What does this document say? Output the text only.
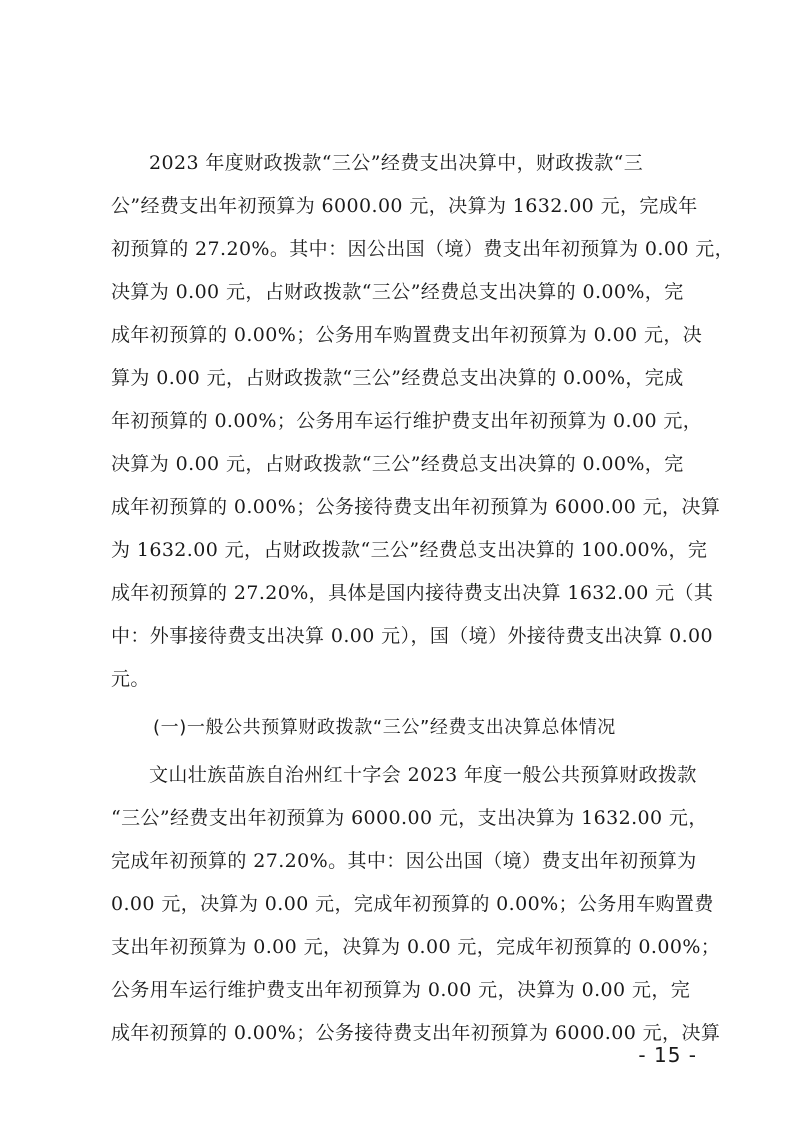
2023 年度财政拨款“三公”经费支出决算中，财政拨款“三
公”经费支出年初预算为 6000.00 元，决算为 1632.00 元，完成年
初预算的 27.20%。其中：因公出国（境）费支出年初预算为 0.00 元，
决算为 0.00 元，占财政拨款“三公”经费总支出决算的 0.00%，完
成年初预算的 0.00%；公务用车购置费支出年初预算为 0.00 元，决
算为 0.00 元，占财政拨款“三公”经费总支出决算的 0.00%，完成
年初预算的 0.00%；公务用车运行维护费支出年初预算为 0.00 元，
决算为 0.00 元，占财政拨款“三公”经费总支出决算的 0.00%，完
成年初预算的 0.00%；公务接待费支出年初预算为 6000.00 元，决算
为 1632.00 元，占财政拨款“三公”经费总支出决算的 100.00%，完
成年初预算的 27.20%，具体是国内接待费支出决算 1632.00 元（其
中：外事接待费支出决算 0.00 元），国（境）外接待费支出决算 0.00
元。
(一)一般公共预算财政拨款“三公”经费支出决算总体情况
文山壮族苗族自治州红十字会 2023 年度一般公共预算财政拨款
“三公”经费支出年初预算为 6000.00 元，支出决算为 1632.00 元，
完成年初预算的 27.20%。其中：因公出国（境）费支出年初预算为
0.00 元，决算为 0.00 元，完成年初预算的 0.00%；公务用车购置费
支出年初预算为 0.00 元，决算为 0.00 元，完成年初预算的 0.00%；
公务用车运行维护费支出年初预算为 0.00 元，决算为 0.00 元，完
成年初预算的 0.00%；公务接待费支出年初预算为 6000.00 元，决算
- 15 -
